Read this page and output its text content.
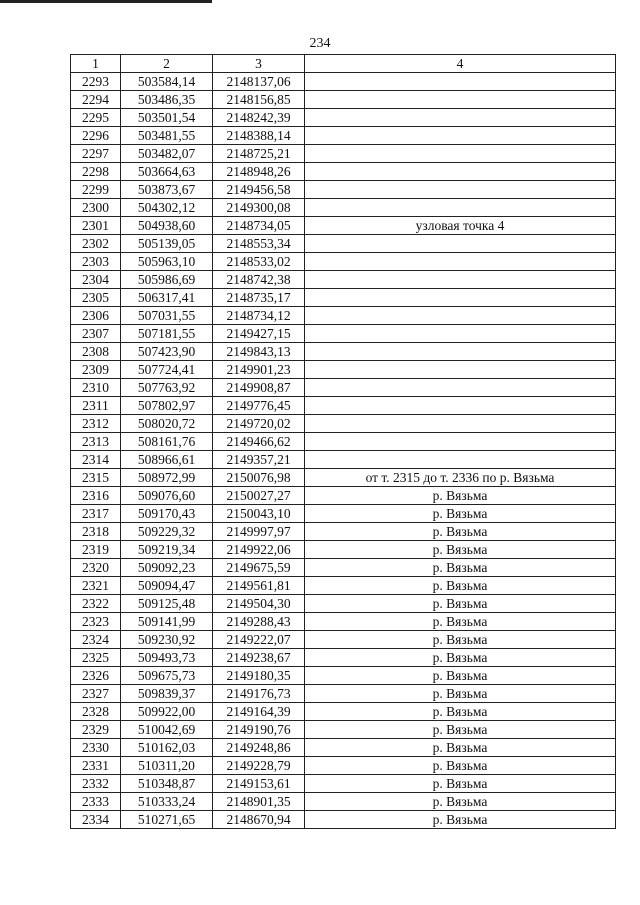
234
1	2	3	4
2293	503584,14	2148137,06	
2294	503486,35	2148156,85	
2295	503501,54	2148242,39	
2296	503481,55	2148388,14	
2297	503482,07	2148725,21	
2298	503664,63	2148948,26	
2299	503873,67	2149456,58	
2300	504302,12	2149300,08	
2301	504938,60	2148734,05	узловая точка 4
2302	505139,05	2148553,34	
2303	505963,10	2148533,02	
2304	505986,69	2148742,38	
2305	506317,41	2148735,17	
2306	507031,55	2148734,12	
2307	507181,55	2149427,15	
2308	507423,90	2149843,13	
2309	507724,41	2149901,23	
2310	507763,92	2149908,87	
2311	507802,97	2149776,45	
2312	508020,72	2149720,02	
2313	508161,76	2149466,62	
2314	508966,61	2149357,21	
2315	508972,99	2150076,98	от т. 2315 до т. 2336 по р. Вязьма
2316	509076,60	2150027,27	р. Вязьма
2317	509170,43	2150043,10	р. Вязьма
2318	509229,32	2149997,97	р. Вязьма
2319	509219,34	2149922,06	р. Вязьма
2320	509092,23	2149675,59	р. Вязьма
2321	509094,47	2149561,81	р. Вязьма
2322	509125,48	2149504,30	р. Вязьма
2323	509141,99	2149288,43	р. Вязьма
2324	509230,92	2149222,07	р. Вязьма
2325	509493,73	2149238,67	р. Вязьма
2326	509675,73	2149180,35	р. Вязьма
2327	509839,37	2149176,73	р. Вязьма
2328	509922,00	2149164,39	р. Вязьма
2329	510042,69	2149190,76	р. Вязьма
2330	510162,03	2149248,86	р. Вязьма
2331	510311,20	2149228,79	р. Вязьма
2332	510348,87	2149153,61	р. Вязьма
2333	510333,24	2148901,35	р. Вязьма
2334	510271,65	2148670,94	р. Вязьма
